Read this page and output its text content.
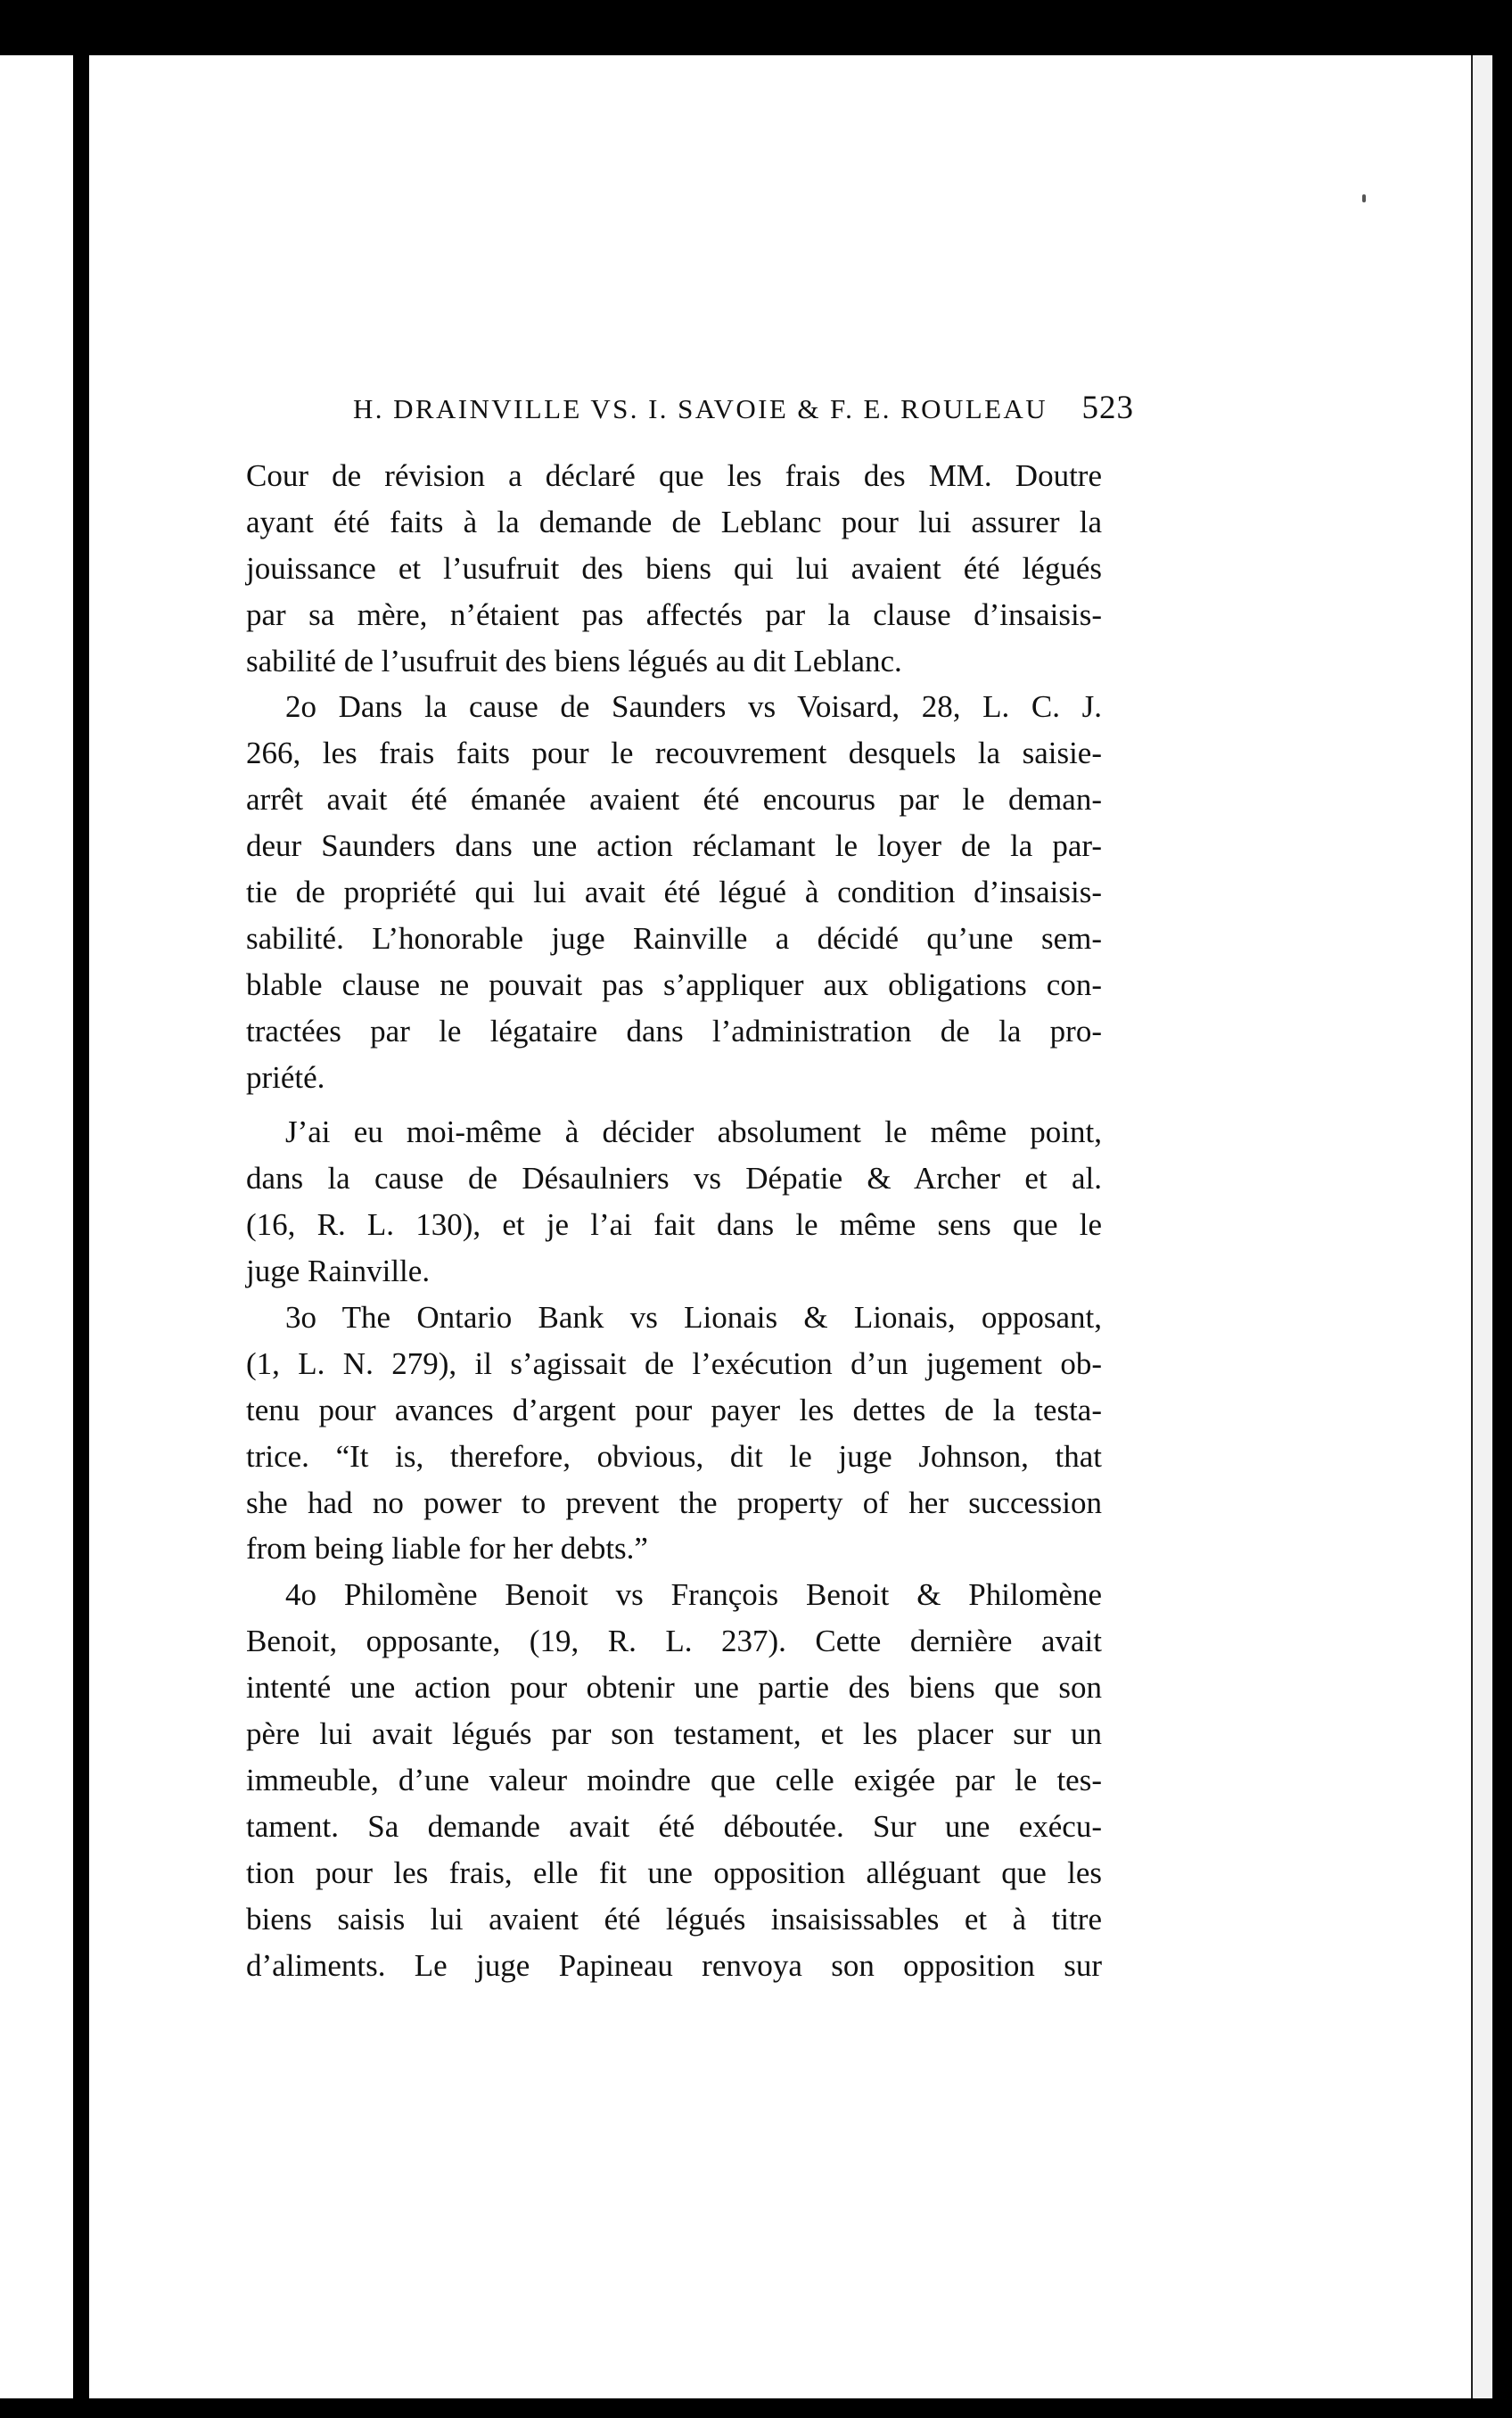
H. DRAINVILLE VS. I. SAVOIE & F. E. ROULEAU 523
Cour de révision a déclaré que les frais des MM. Doutre
ayant été faits à la demande de Leblanc pour lui assurer la
jouissance et l’usufruit des biens qui lui avaient été légués
par sa mère, n’étaient pas affectés par la clause d’insaisis-
sabilité de l’usufruit des biens légués au dit Leblanc.
2o Dans la cause de Saunders vs Voisard, 28, L. C. J.
266, les frais faits pour le recouvrement desquels la saisie-
arrêt avait été émanée avaient été encourus par le deman-
deur Saunders dans une action réclamant le loyer de la par-
tie de propriété qui lui avait été légué à condition d’insaisis-
sabilité. L’honorable juge Rainville a décidé qu’une sem-
blable clause ne pouvait pas s’appliquer aux obligations con-
tractées par le légataire dans l’administration de la pro-
priété.
J’ai eu moi-même à décider absolument le même point,
dans la cause de Désaulniers vs Dépatie & Archer et al.
(16, R. L. 130), et je l’ai fait dans le même sens que le
juge Rainville.
3o The Ontario Bank vs Lionais & Lionais, opposant,
(1, L. N. 279), il s’agissait de l’exécution d’un jugement ob-
tenu pour avances d’argent pour payer les dettes de la testa-
trice. “It is, therefore, obvious, dit le juge Johnson, that
she had no power to prevent the property of her succession
from being liable for her debts.”
4o Philomène Benoit vs François Benoit & Philomène
Benoit, opposante, (19, R. L. 237). Cette dernière avait
intenté une action pour obtenir une partie des biens que son
père lui avait légués par son testament, et les placer sur un
immeuble, d’une valeur moindre que celle exigée par le tes-
tament. Sa demande avait été déboutée. Sur une exécu-
tion pour les frais, elle fit une opposition alléguant que les
biens saisis lui avaient été légués insaisissables et à titre
d’aliments. Le juge Papineau renvoya son opposition sur
